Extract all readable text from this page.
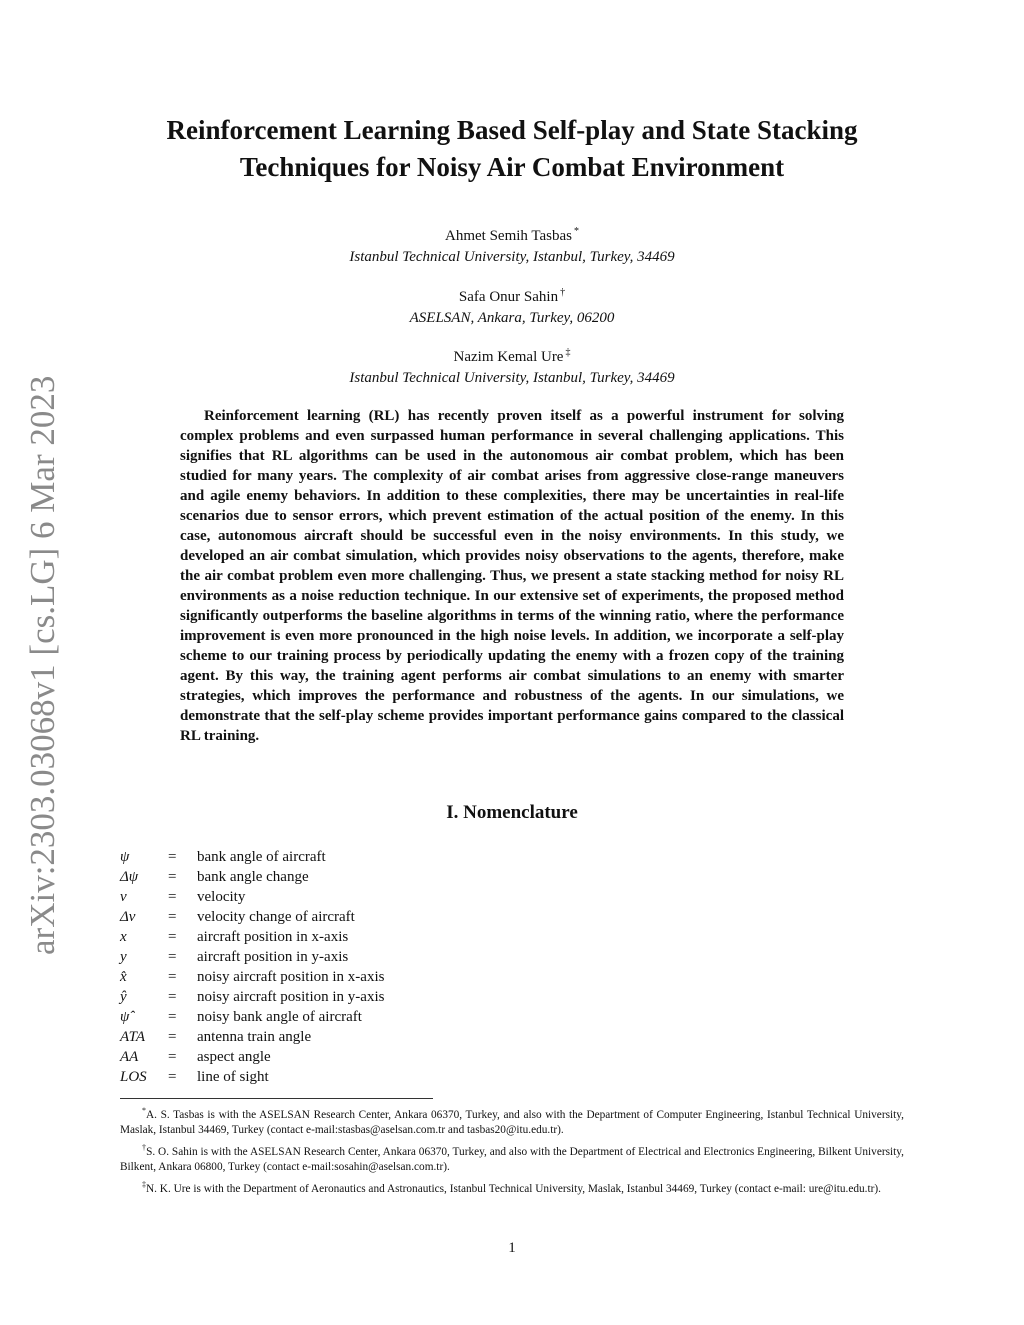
arXiv:2303.03068v1 [cs.LG] 6 Mar 2023
Reinforcement Learning Based Self-play and State Stacking
Techniques for Noisy Air Combat Environment
Ahmet Semih Tasbas *
Istanbul Technical University, Istanbul, Turkey, 34469
Safa Onur Sahin †
ASELSAN, Ankara, Turkey, 06200
Nazim Kemal Ure ‡
Istanbul Technical University, Istanbul, Turkey, 34469
Reinforcement learning (RL) has recently proven itself as a powerful instrument for solving complex problems and even surpassed human performance in several challenging applications. This signifies that RL algorithms can be used in the autonomous air combat problem, which has been studied for many years. The complexity of air combat arises from aggressive close-range maneuvers and agile enemy behaviors. In addition to these complexities, there may be uncertainties in real-life scenarios due to sensor errors, which prevent estimation of the actual position of the enemy. In this case, autonomous aircraft should be successful even in the noisy environments. In this study, we developed an air combat simulation, which provides noisy observations to the agents, therefore, make the air combat problem even more challenging. Thus, we present a state stacking method for noisy RL environments as a noise reduction technique. In our extensive set of experiments, the proposed method significantly outperforms the baseline algorithms in terms of the winning ratio, where the performance improvement is even more pronounced in the high noise levels. In addition, we incorporate a self-play scheme to our training process by periodically updating the enemy with a frozen copy of the training agent. By this way, the training agent performs air combat simulations to an enemy with smarter strategies, which improves the performance and robustness of the agents. In our simulations, we demonstrate that the self-play scheme provides important performance gains compared to the classical RL training.
I. Nomenclature
ψ	=	bank angle of aircraft
Δψ	=	bank angle change
v	=	velocity
Δv	=	velocity change of aircraft
x	=	aircraft position in x-axis
y	=	aircraft position in y-axis
x̂	=	noisy aircraft position in x-axis
ŷ	=	noisy aircraft position in y-axis
ψ̂	=	noisy bank angle of aircraft
ATA	=	antenna train angle
AA	=	aspect angle
LOS	=	line of sight
*A. S. Tasbas is with the ASELSAN Research Center, Ankara 06370, Turkey, and also with the Department of Computer Engineering, Istanbul Technical University, Maslak, Istanbul 34469, Turkey (contact e-mail:stasbas@aselsan.com.tr and tasbas20@itu.edu.tr).
†S. O. Sahin is with the ASELSAN Research Center, Ankara 06370, Turkey, and also with the Department of Electrical and Electronics Engineering, Bilkent University, Bilkent, Ankara 06800, Turkey (contact e-mail:sosahin@aselsan.com.tr).
‡N. K. Ure is with the Department of Aeronautics and Astronautics, Istanbul Technical University, Maslak, Istanbul 34469, Turkey (contact e-mail: ure@itu.edu.tr).
1
